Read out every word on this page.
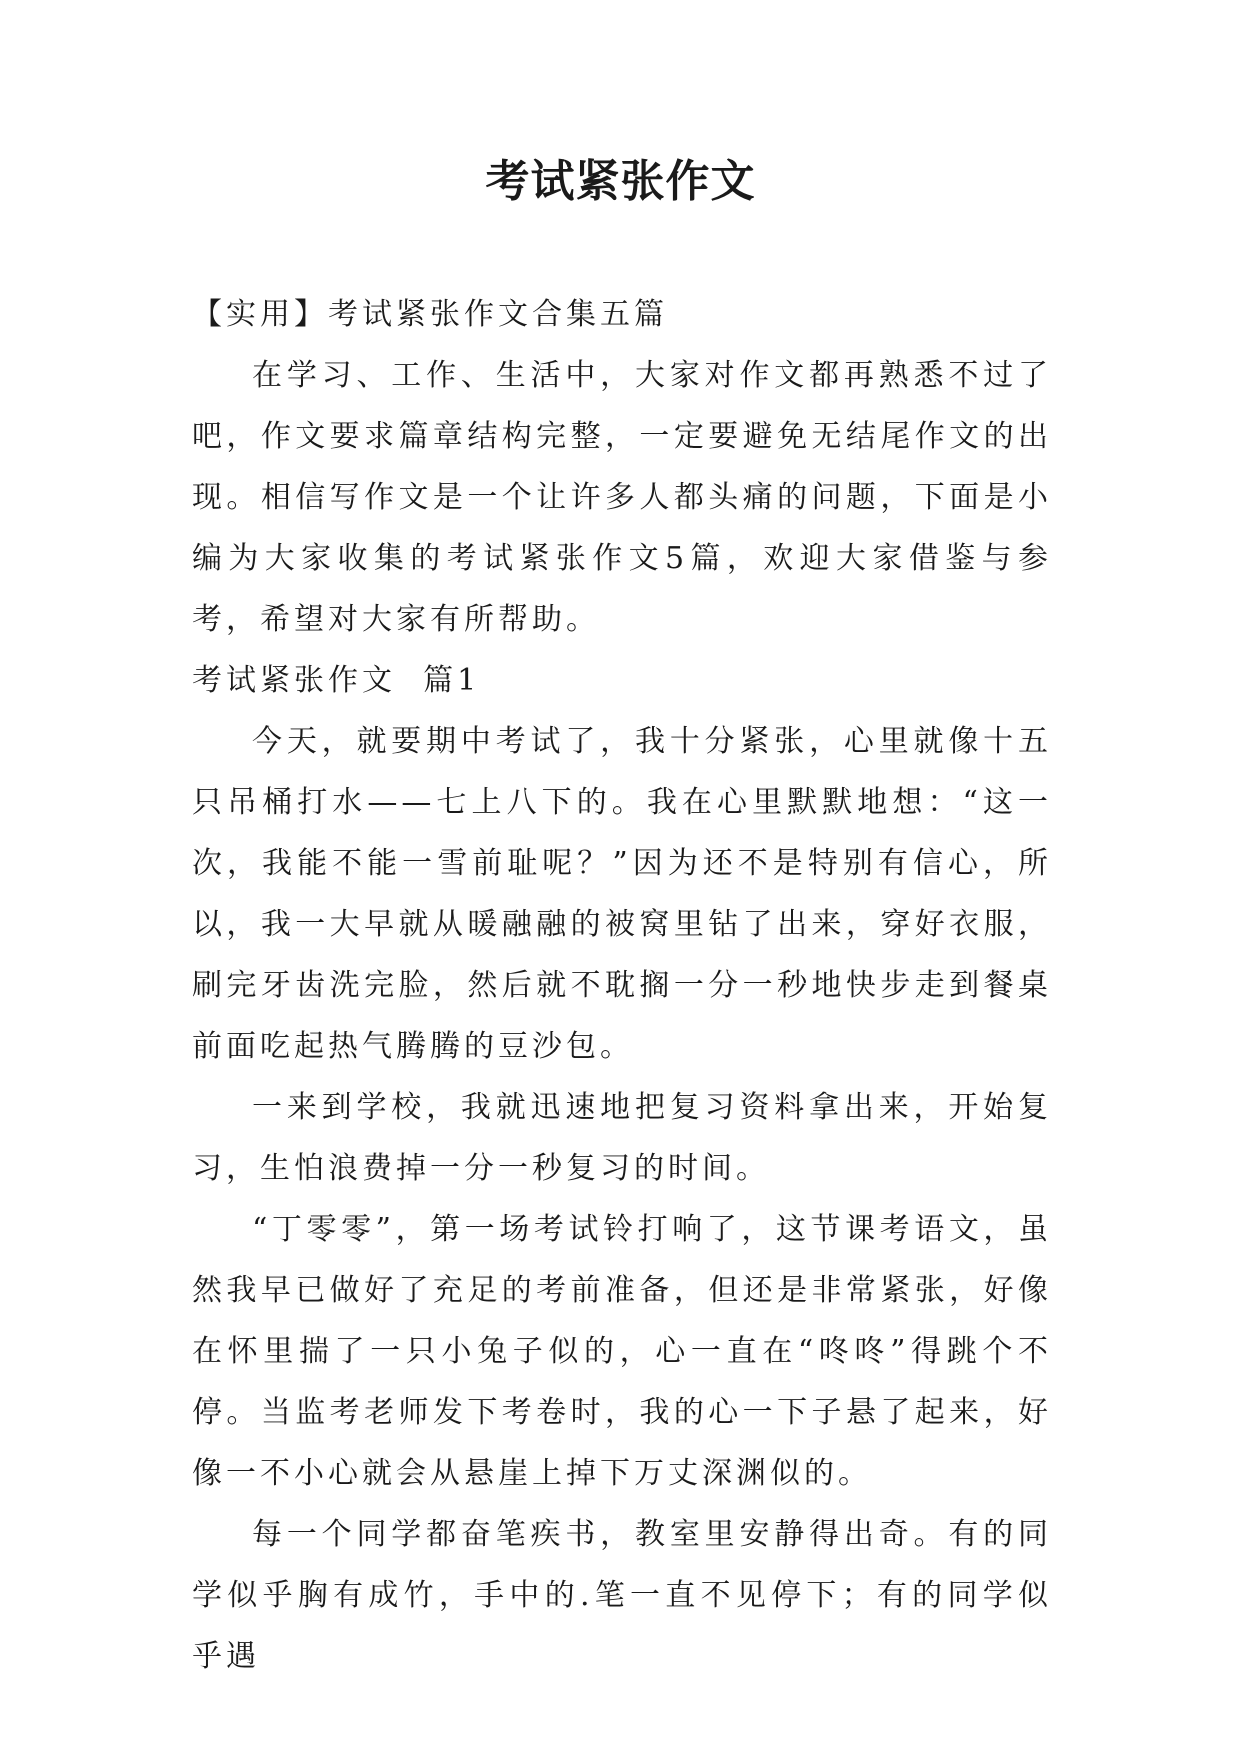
考试紧张作文

【实用】考试紧张作文合集五篇

在学习、工作、生活中，大家对作文都再熟悉不过了吧，作文要求篇章结构完整，一定要避免无结尾作文的出现。相信写作文是一个让许多人都头痛的问题，下面是小编为大家收集的考试紧张作文5篇，欢迎大家借鉴与参考，希望对大家有所帮助。

考试紧张作文  篇1

今天，就要期中考试了，我十分紧张，心里就像十五只吊桶打水——七上八下的。我在心里默默地想：“这一次，我能不能一雪前耻呢？”因为还不是特别有信心，所以，我一大早就从暖融融的被窝里钻了出来，穿好衣服，刷完牙齿洗完脸，然后就不耽搁一分一秒地快步走到餐桌前面吃起热气腾腾的豆沙包。

一来到学校，我就迅速地把复习资料拿出来，开始复习，生怕浪费掉一分一秒复习的时间。

“丁零零”，第一场考试铃打响了，这节课考语文，虽然我早已做好了充足的考前准备，但还是非常紧张，好像在怀里揣了一只小兔子似的，心一直在“咚咚”得跳个不停。当监考老师发下考卷时，我的心一下子悬了起来，好像一不小心就会从悬崖上掉下万丈深渊似的。

每一个同学都奋笔疾书，教室里安静得出奇。有的同学似乎胸有成竹，手中的.笔一直不见停下；有的同学似乎遇
